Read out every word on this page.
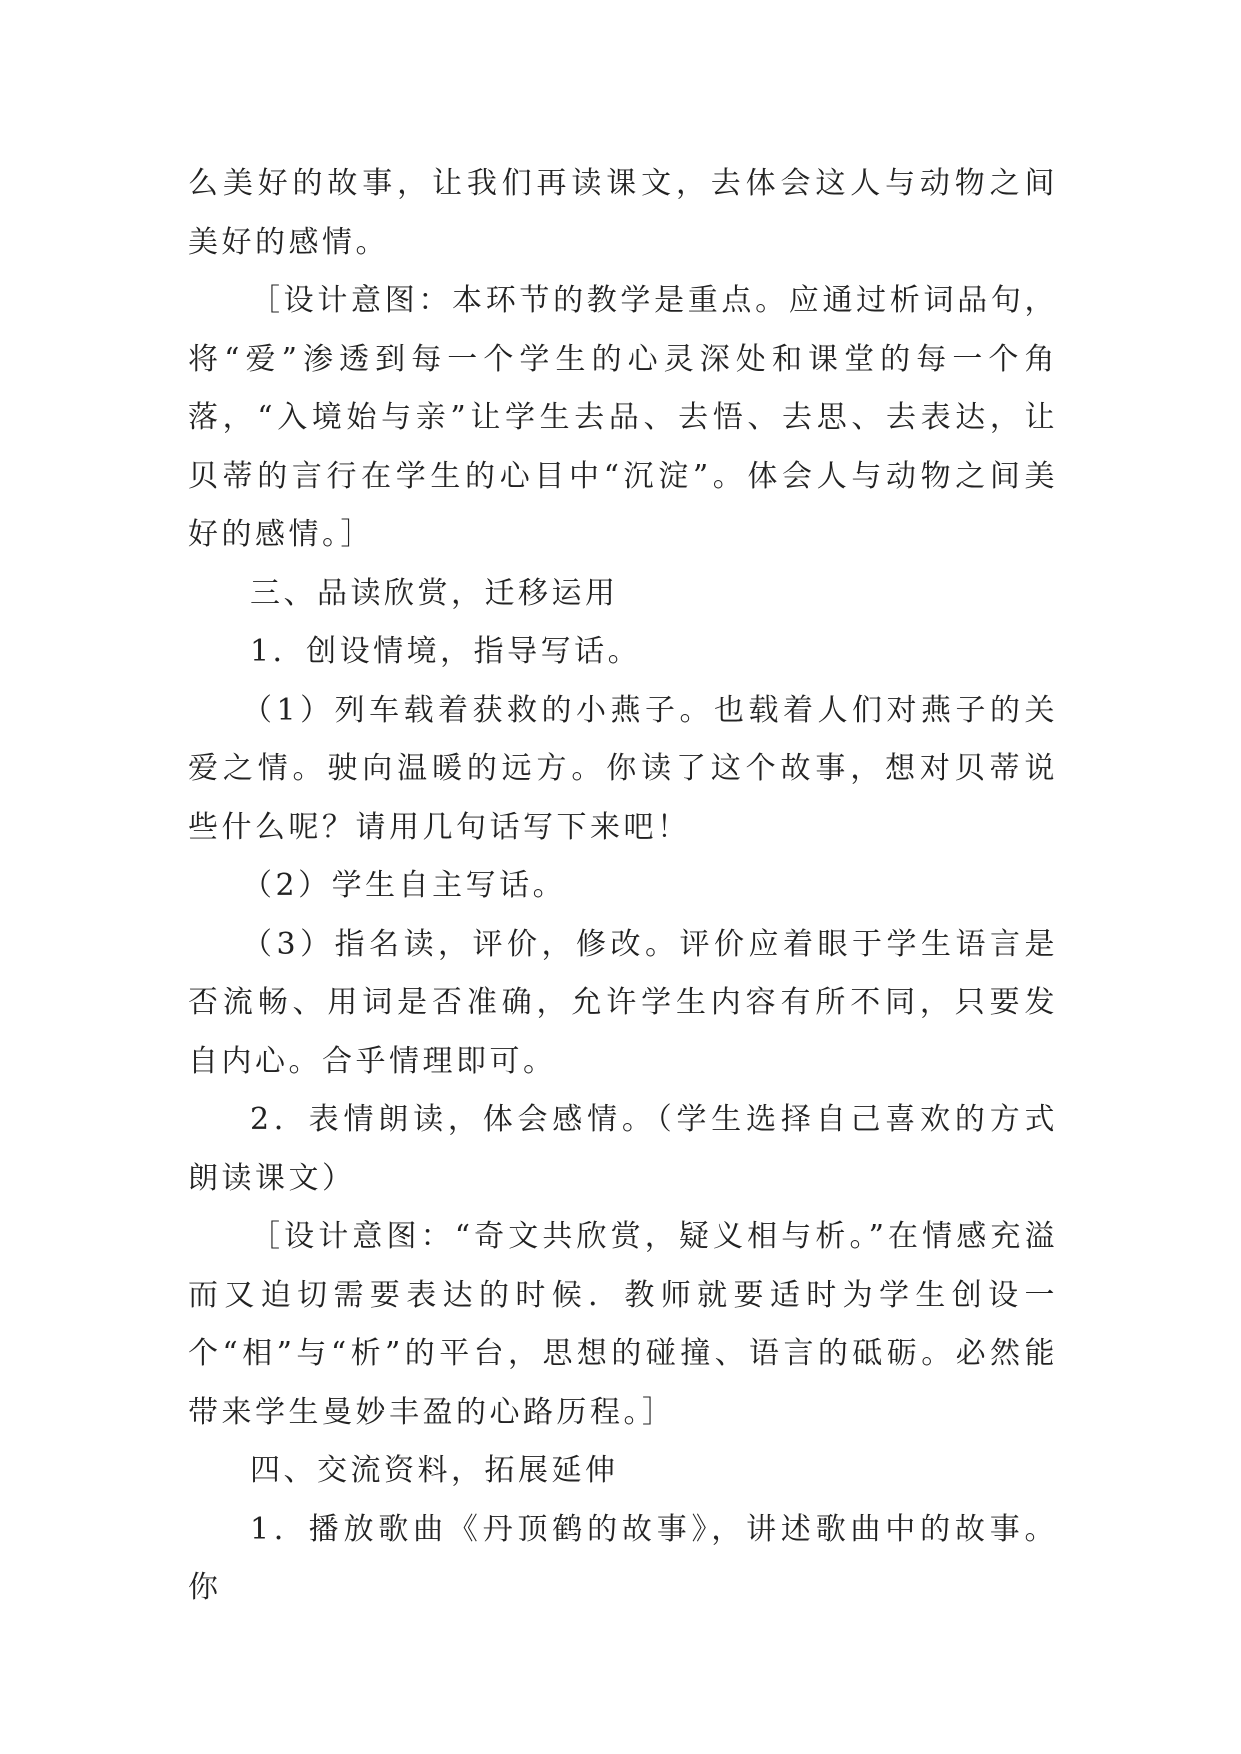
么美好的故事，让我们再读课文，去体会这人与动物之间美好的感情。

［设计意图：本环节的教学是重点。应通过析词品句，将“爱”渗透到每一个学生的心灵深处和课堂的每一个角落，“入境始与亲”让学生去品、去悟、去思、去表达，让贝蒂的言行在学生的心目中“沉淀”。体会人与动物之间美好的感情。］

三、品读欣赏，迁移运用

1．创设情境，指导写话。

（1）列车载着获救的小燕子。也载着人们对燕子的关爱之情。驶向温暖的远方。你读了这个故事，想对贝蒂说些什么呢？请用几句话写下来吧！

（2）学生自主写话。

（3）指名读，评价，修改。评价应着眼于学生语言是否流畅、用词是否准确，允许学生内容有所不同，只要发自内心。合乎情理即可。

2．表情朗读，体会感情。（学生选择自己喜欢的方式朗读课文）

［设计意图：“奇文共欣赏，疑义相与析。”在情感充溢而又迫切需要表达的时候．教师就要适时为学生创设一个“相”与“析”的平台，思想的碰撞、语言的砥砺。必然能带来学生曼妙丰盈的心路历程。］

四、交流资料，拓展延伸

1．播放歌曲《丹顶鹤的故事》，讲述歌曲中的故事。你
